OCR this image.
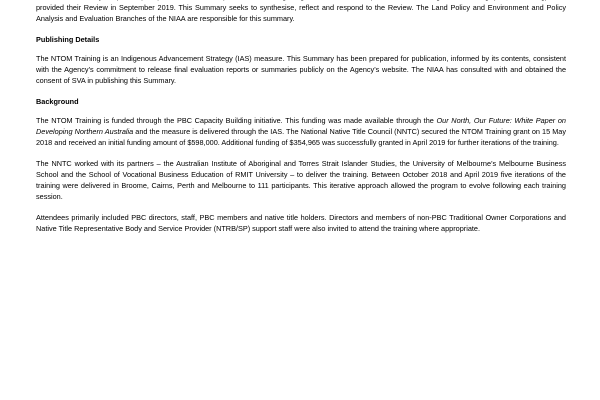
provided their Review in September 2019. This Summary seeks to synthesise, reflect and respond to the Review. The Land Policy and Environment and Policy Analysis and Evaluation Branches of the NIAA are responsible for this summary.

Publishing Details

The NTOM Training is an Indigenous Advancement Strategy (IAS) measure. This Summary has been prepared for publication, informed by its contents, consistent with the Agency’s commitment to release final evaluation reports or summaries publicly on the Agency’s website. The NIAA has consulted with and obtained the consent of SVA in publishing this Summary.

Background

The NTOM Training is funded through the PBC Capacity Building initiative. This funding was made available through the Our North, Our Future: White Paper on Developing Northern Australia and the measure is delivered through the IAS. The National Native Title Council (NNTC) secured the NTOM Training grant on 15 May 2018 and received an initial funding amount of $598,000. Additional funding of $354,965 was successfully granted in April 2019 for further iterations of the training.

The NNTC worked with its partners – the Australian Institute of Aboriginal and Torres Strait Islander Studies, the University of Melbourne’s Melbourne Business School and the School of Vocational Business Education of RMIT University – to deliver the training. Between October 2018 and April 2019 five iterations of the training were delivered in Broome, Cairns, Perth and Melbourne to 111 participants. This iterative approach allowed the program to evolve following each training session.

Attendees primarily included PBC directors, staff, PBC members and native title holders. Directors and members of non-PBC Traditional Owner Corporations and Native Title Representative Body and Service Provider (NTRB/SP) support staff were also invited to attend the training where appropriate.
